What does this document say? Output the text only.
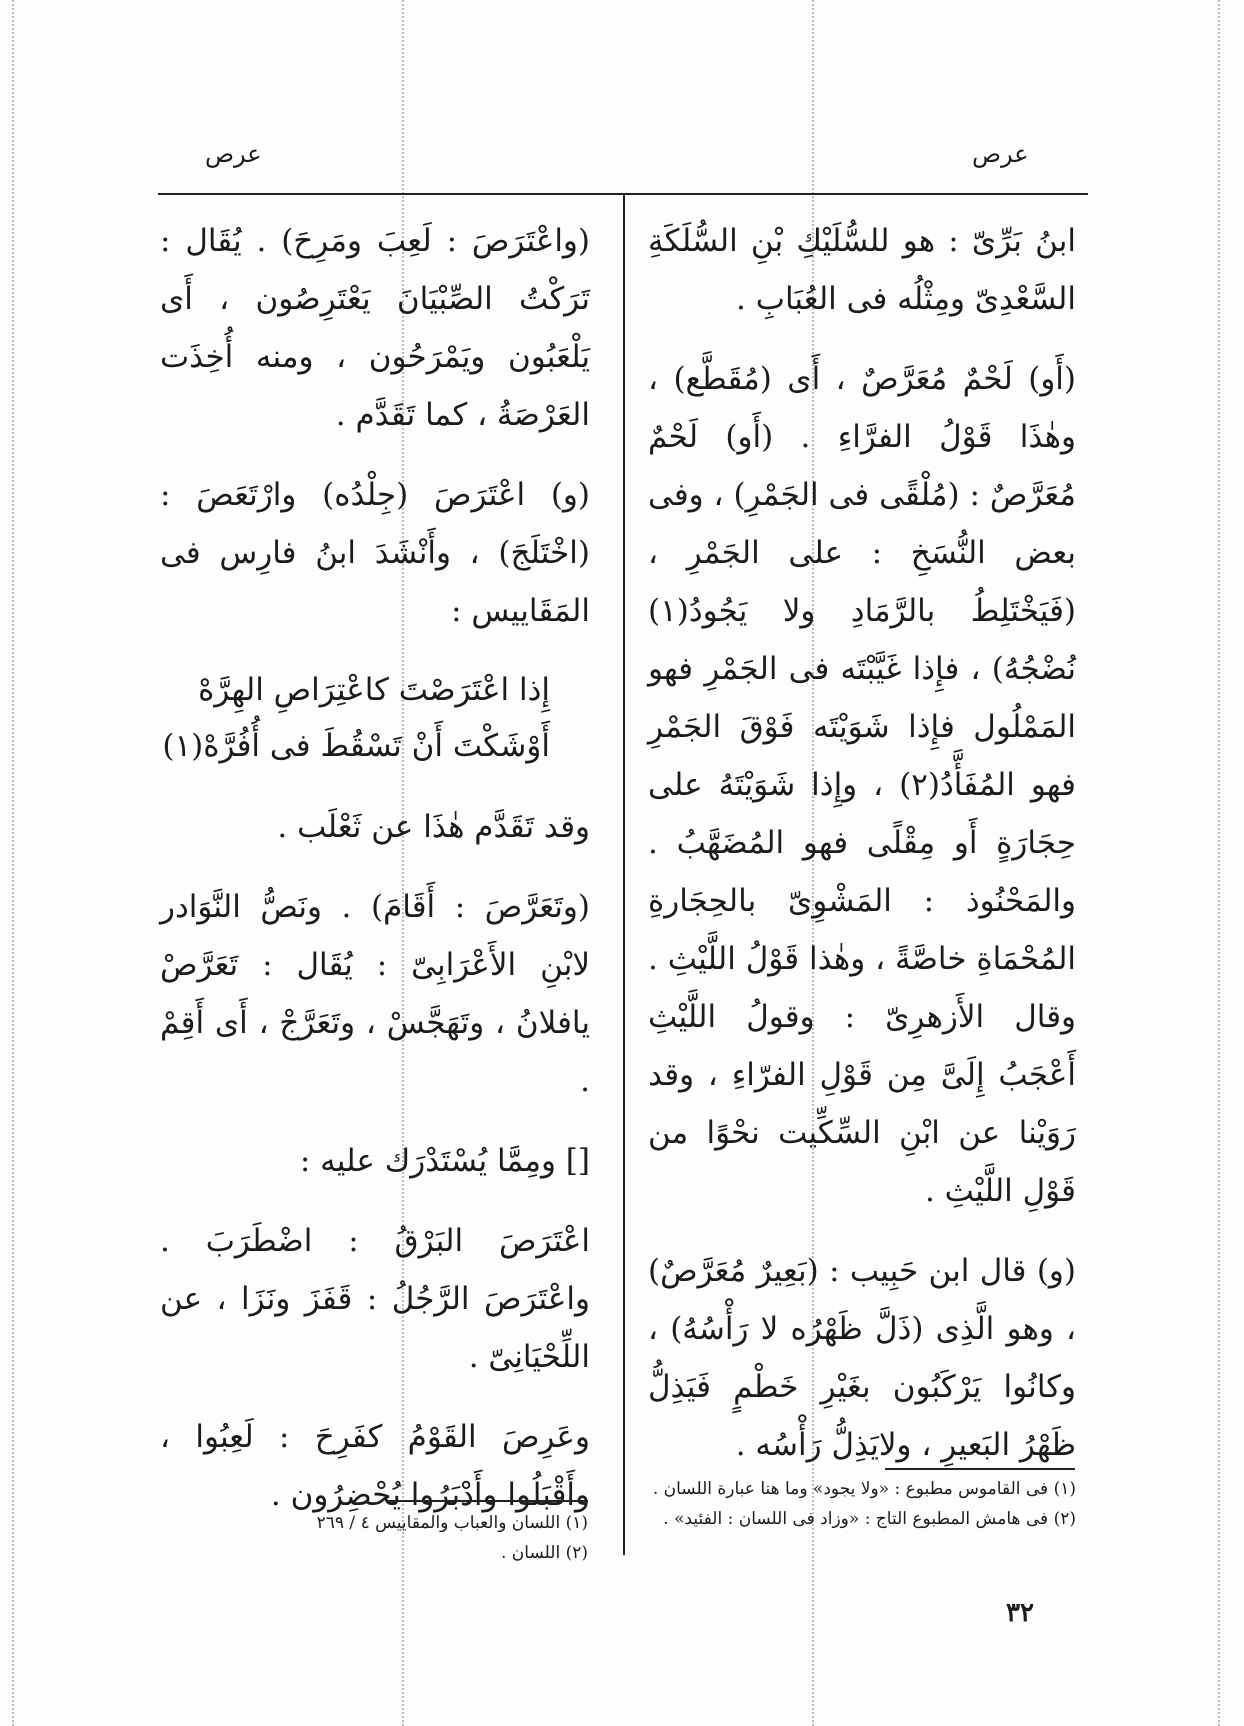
عرص
عرص

ابنُ بَرِّىّ : هو للسُّلَيْكِ بْنِ السُّلَكَةِ السَّعْدِىّ ومِثْلُه فى العُبَابِ .

(أَو) لَحْمٌ مُعَرَّصٌ ، أَى (مُقَطَّع) ، وهٰذَا قَوْلُ الفرَّاءِ . (أَو) لَحْمٌ مُعَرَّصٌ : (مُلْقًى فى الجَمْرِ) ، وفى بعض النُّسَخِ : على الجَمْرِ ، (فَيَخْتَلِطُ بالرَّمَادِ ولا يَجُودُ(١) نُضْجُهُ) ، فإِذا غَيَّبْتَه فى الجَمْرِ فهو المَمْلُول فإِذا شَوَيْتَه فَوْقَ الجَمْرِ فهو المُفَأَّدُ(٢) ، وإِذا شَوَيْتَهُ على حِجَارَةٍ أَو مِقْلًى فهو المُضَهَّبُ . والمَحْنُوذ : المَشْوِىّ بالحِجَارةِ المُحْمَاةِ خاصَّةً ، وهٰذا قَوْلُ اللَّيْثِ . وقال الأَزهرِىّ : وقولُ اللَّيْثِ أَعْجَبُ إِلَىَّ مِن قَوْلِ الفرّاءِ ، وقد رَوَيْنا عن ابْنِ السِّكِّيت نحْوًا من قَوْلِ اللَّيْثِ .

(و) قال ابن حَبِيب : (بَعِيرٌ مُعَرَّصٌ) ، وهو الَّذِى (ذَلَّ ظَهْرُه لا رَأْسُهُ) ، وكانُوا يَرْكَبُون بغَيْرِ خَطْمٍ فَيَذِلُّ ظَهْرُ البَعيرِ ، ولايَذِلُّ رَأْسُه .

(١) فى القاموس مطبوع : «ولا يجود» وما هنا عبارة اللسان .
(٢) فى هامش المطبوع التاج : «وزاد فى اللسان : الفئيد» .

(واعْتَرَصَ : لَعِبَ ومَرِحَ) . يُقَال : تَرَكْتُ الصِّبْيَانَ يَعْتَرِصُون ، أَى يَلْعَبُون ويَمْرَحُون ، ومنه أُخِذَت العَرْصَةُ ، كما تَقَدَّم .

(و) اعْتَرَصَ (جِلْدُه) وارْتَعَصَ : (اخْتَلَجَ) ، وأَنْشَدَ ابنُ فارِس فى المَقَاييس :

إِذا اعْتَرَصْتَ كاعْتِرَاصِ الهِرَّهْ
أَوْشَكْتَ أَنْ تَسْقُطَ فى أُفُرَّهْ(١)

وقد تَقَدَّم هٰذَا عن ثَعْلَب .

(وتَعَرَّصَ : أَقَامَ) . ونَصُّ النَّوَادر لابْنِ الأَعْرَابِىّ : يُقَال : تَعَرَّصْ يافلانُ ، وتَهَجَّسْ ، وتَعَرَّجْ ، أَى أَقِمْ .

[] ومِمَّا يُسْتَدْرَك عليه :

اعْتَرَصَ البَرْقُ : اضْطَرَبَ . واعْتَرَصَ الرَّجُلُ : قَفَزَ ونَزَا ، عن اللِّحْيَانِىّ .

وعَرِصَ القَوْمُ كفَرِحَ : لَعِبُوا ، وأَقْبَلُوا وأَدْبَرُوا يُحْضِرُون .

(١) اللسان والعباب والمقاييس ٤ / ٢٦٩
(٢) اللسان .
٣٢
